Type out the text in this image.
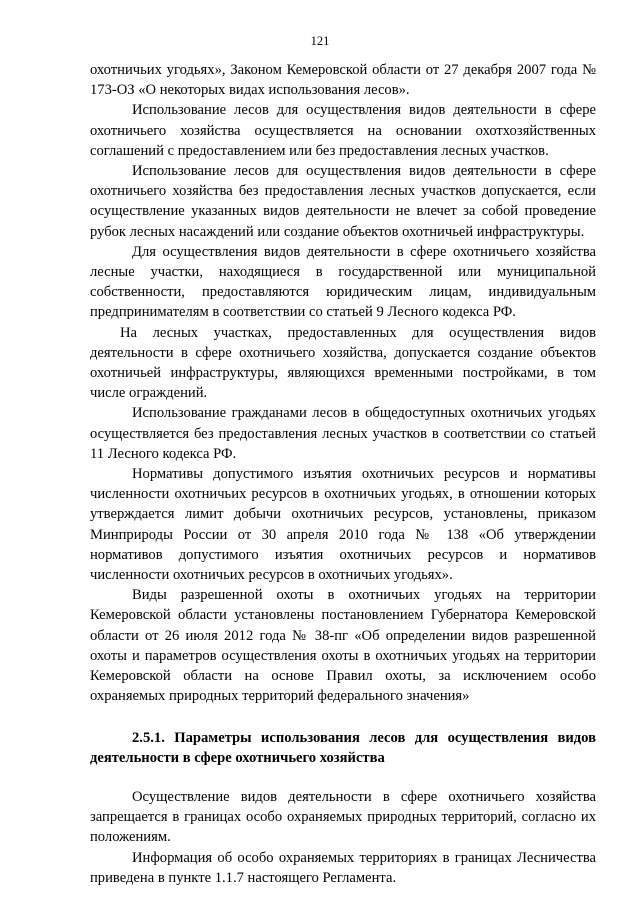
121

охотничьих угодьях», Законом Кемеровской области от 27 декабря 2007 года № 173-ОЗ «О некоторых видах использования лесов».

Использование лесов для осуществления видов деятельности в сфере охотничьего хозяйства осуществляется на основании охотхозяйственных соглашений с предоставлением или без предоставления лесных участков.

Использование лесов для осуществления видов деятельности в сфере охотничьего хозяйства без предоставления лесных участков допускается, если осуществление указанных видов деятельности не влечет за собой проведение рубок лесных насаждений или создание объектов охотничьей инфраструктуры.

Для осуществления видов деятельности в сфере охотничьего хозяйства лесные участки, находящиеся в государственной или муниципальной собственности, предоставляются юридическим лицам, индивидуальным предпринимателям в соответствии со статьей 9 Лесного кодекса РФ.

На лесных участках, предоставленных для осуществления видов деятельности в сфере охотничьего хозяйства, допускается создание объектов охотничьей инфраструктуры, являющихся временными постройками, в том числе ограждений.

Использование гражданами лесов в общедоступных охотничьих угодьях осуществляется без предоставления лесных участков в соответствии со статьей 11 Лесного кодекса РФ.

Нормативы допустимого изъятия охотничьих ресурсов и нормативы численности охотничьих ресурсов в охотничьих угодьях, в отношении которых утверждается лимит добычи охотничьих ресурсов, установлены, приказом Минприроды России от 30 апреля 2010 года № 138 «Об утверждении нормативов допустимого изъятия охотничьих ресурсов и нормативов численности охотничьих ресурсов в охотничьих угодьях».

Виды разрешенной охоты в охотничьих угодьях на территории Кемеровской области установлены постановлением Губернатора Кемеровской области от 26 июля 2012 года № 38-пг «Об определении видов разрешенной охоты и параметров осуществления охоты в охотничьих угодьях на территории Кемеровской области на основе Правил охоты, за исключением особо охраняемых природных территорий федерального значения»

2.5.1. Параметры использования лесов для осуществления видов деятельности в сфере охотничьего хозяйства

Осуществление видов деятельности в сфере охотничьего хозяйства запрещается в границах особо охраняемых природных территорий, согласно их положениям.

Информация об особо охраняемых территориях в границах Лесничества приведена в пункте 1.1.7 настоящего Регламента.
